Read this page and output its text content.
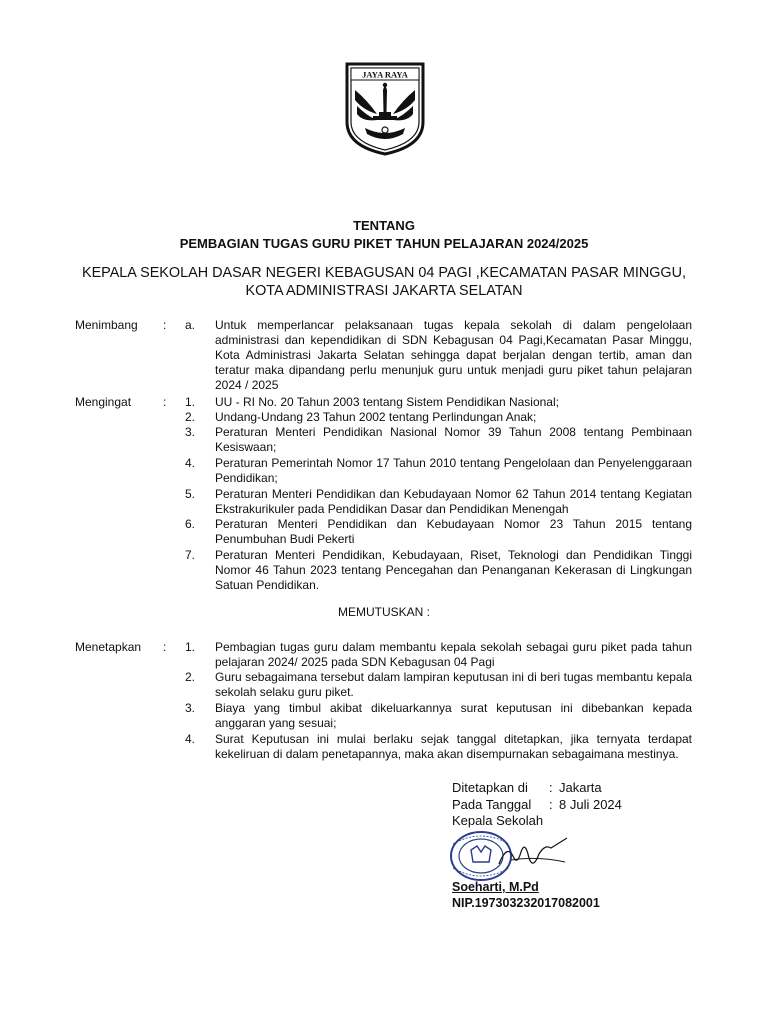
JAYA RAYA
TENTANG
PEMBAGIAN TUGAS GURU PIKET TAHUN PELAJARAN 2024/2025
KEPALA SEKOLAH DASAR NEGERI KEBAGUSAN 04 PAGI ,KECAMATAN PASAR MINGGU, KOTA ADMINISTRASI JAKARTA SELATAN
Menimbang :	a.	Untuk memperlancar pelaksanaan tugas kepala sekolah di dalam pengelolaan administrasi dan kependidikan di SDN Kebagusan 04 Pagi,Kecamatan Pasar Minggu, Kota Administrasi Jakarta Selatan sehingga dapat berjalan dengan tertib, aman dan teratur maka dipandang perlu menunjuk guru untuk menjadi guru piket tahun pelajaran 2024 / 2025
Mengingat	:	1.	UU - RI No. 20 Tahun 2003 tentang Sistem Pendidikan Nasional;
2.	Undang-Undang 23 Tahun 2002 tentang Perlindungan Anak;
3.	Peraturan Menteri Pendidikan Nasional Nomor 39 Tahun 2008 tentang Pembinaan Kesiswaan;
4.	Peraturan Pemerintah Nomor 17 Tahun 2010 tentang Pengelolaan dan Penyelenggaraan Pendidikan;
5.	Peraturan Menteri Pendidikan dan Kebudayaan Nomor 62 Tahun 2014 tentang Kegiatan Ekstrakurikuler pada Pendidikan Dasar dan Pendidikan Menengah
6.	Peraturan Menteri Pendidikan dan Kebudayaan Nomor 23 Tahun 2015 tentang Penumbuhan Budi Pekerti
7.	Peraturan Menteri Pendidikan, Kebudayaan, Riset, Teknologi dan Pendidikan Tinggi Nomor 46 Tahun 2023 tentang Pencegahan dan Penanganan Kekerasan di Lingkungan Satuan Pendidikan.
MEMUTUSKAN :
Menetapkan :	1.	Pembagian tugas guru dalam membantu kepala sekolah sebagai guru piket pada tahun pelajaran 2024/ 2025 pada SDN Kebagusan 04 Pagi
2.	Guru sebagaimana tersebut dalam lampiran keputusan ini di beri tugas membantu kepala sekolah selaku guru piket.
3.	Biaya yang timbul akibat dikeluarkannya surat keputusan ini dibebankan kepada anggaran yang sesuai;
4.	Surat Keputusan ini mulai berlaku sejak tanggal ditetapkan, jika ternyata terdapat kekeliruan di dalam penetapannya, maka akan disempurnakan sebagaimana mestinya.
Ditetapkan di : Jakarta
Pada Tanggal : 8 Juli 2024
Kepala Sekolah
Soeharti, M.Pd
NIP.197303232017082001
